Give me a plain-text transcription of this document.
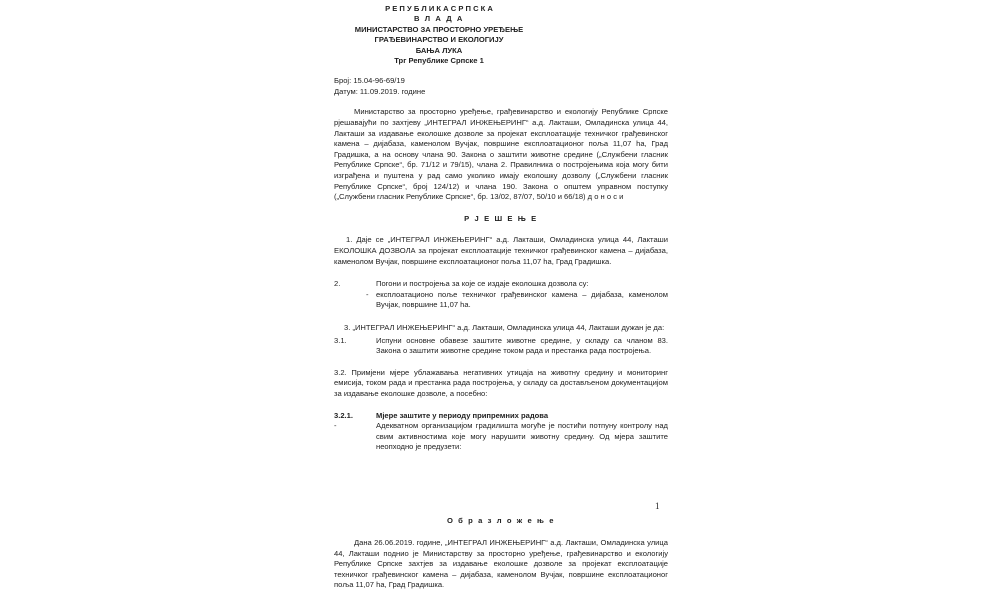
Р Е П У Б Л И К А С Р П С К А
В Л А Д А
МИНИСТАРСТВО ЗА ПРОСТОРНО УРЕЂЕЊЕ
ГРАЂЕВИНАРСТВО И ЕКОЛОГИЈУ
БАЊА ЛУКА
Трг Републике Српске 1
Број: 15.04-96-69/19
Датум: 11.09.2019. године
Министарство за просторно уређење, грађевинарство и екологију Републике Српске рјешавајући по захтјеву „ИНТЕГРАЛ ИНЖЕЊЕРИНГ“ а.д. Лакташи, Омладинска улица 44, Лакташи за издавање еколошке дозволе за пројекат експлоатације техничког грађевинског камена – дијабаза, каменолом Вучјак, површине експлоатационог поља 11,07 ha, Град Градишка, а на основу члана 90. Закона о заштити животне средине („Службени гласник Републике Српске“, бр. 71/12 и 79/15), члана 2. Правилника о постројењима која могу бити изграђена и пуштена у рад само уколико имају еколошку дозволу („Службени гласник Републике Српске“, број 124/12) и члана 190. Закона о општем управном поступку („Службени гласник Републике Српске“, бр. 13/02, 87/07, 50/10 и 66/18) д о н о с и
Р Ј Е Ш Е Њ Е
1. Даје се „ИНТЕГРАЛ ИНЖЕЊЕРИНГ“ а.д. Лакташи, Омладинска улица 44, Лакташи ЕКОЛОШКА ДОЗВОЛА за пројекат експлоатације техничког грађевинског камена – дијабаза, каменолом Вучјак, површине експлоатационог поља 11,07 ha, Град Градишка.
2.	Погони и постројења за које се издаје еколошка дозвола су:
- експлоатационо поље техничког грађевинског камена – дијабаза, каменолом Вучјак, површине 11,07 ha.
3. „ИНТЕГРАЛ ИНЖЕЊЕРИНГ“ а.д. Лакташи, Омладинска улица 44, Лакташи дужан је да:
3.1.	Испуни основне обавезе заштите животне средине, у складу са чланом 83. Закона о заштити животне средине током рада и престанка рада постројења.
3.2. Примјени мјере ублажавања негативних утицаја на животну средину и мониторинг емисија, током рада и престанка рада постројења, у складу са достављеном документацијом за издавање еколошке дозволе, а посебно:
3.2.1.	Мјере заштите у периоду припремних радова
-	Адекватном организацијом градилишта могуће је постићи потпуну контролу над свим активностима које могу нарушити животну средину. Од мјера заштите неопходно је предузети:
1
О б р а з л о ж е њ е
Дана 26.06.2019. године, „ИНТЕГРАЛ ИНЖЕЊЕРИНГ“ а.д. Лакташи, Омладинска улица 44, Лакташи поднио је Министарству за просторно уређење, грађевинарство и екологију Републике Српске захтјев за издавање еколошке дозволе за пројекат експлоатације техничког грађевинског камена – дијабаза, каменолом Вучјак, површине експлоатационог поља 11,07 ha, Град Градишка.
